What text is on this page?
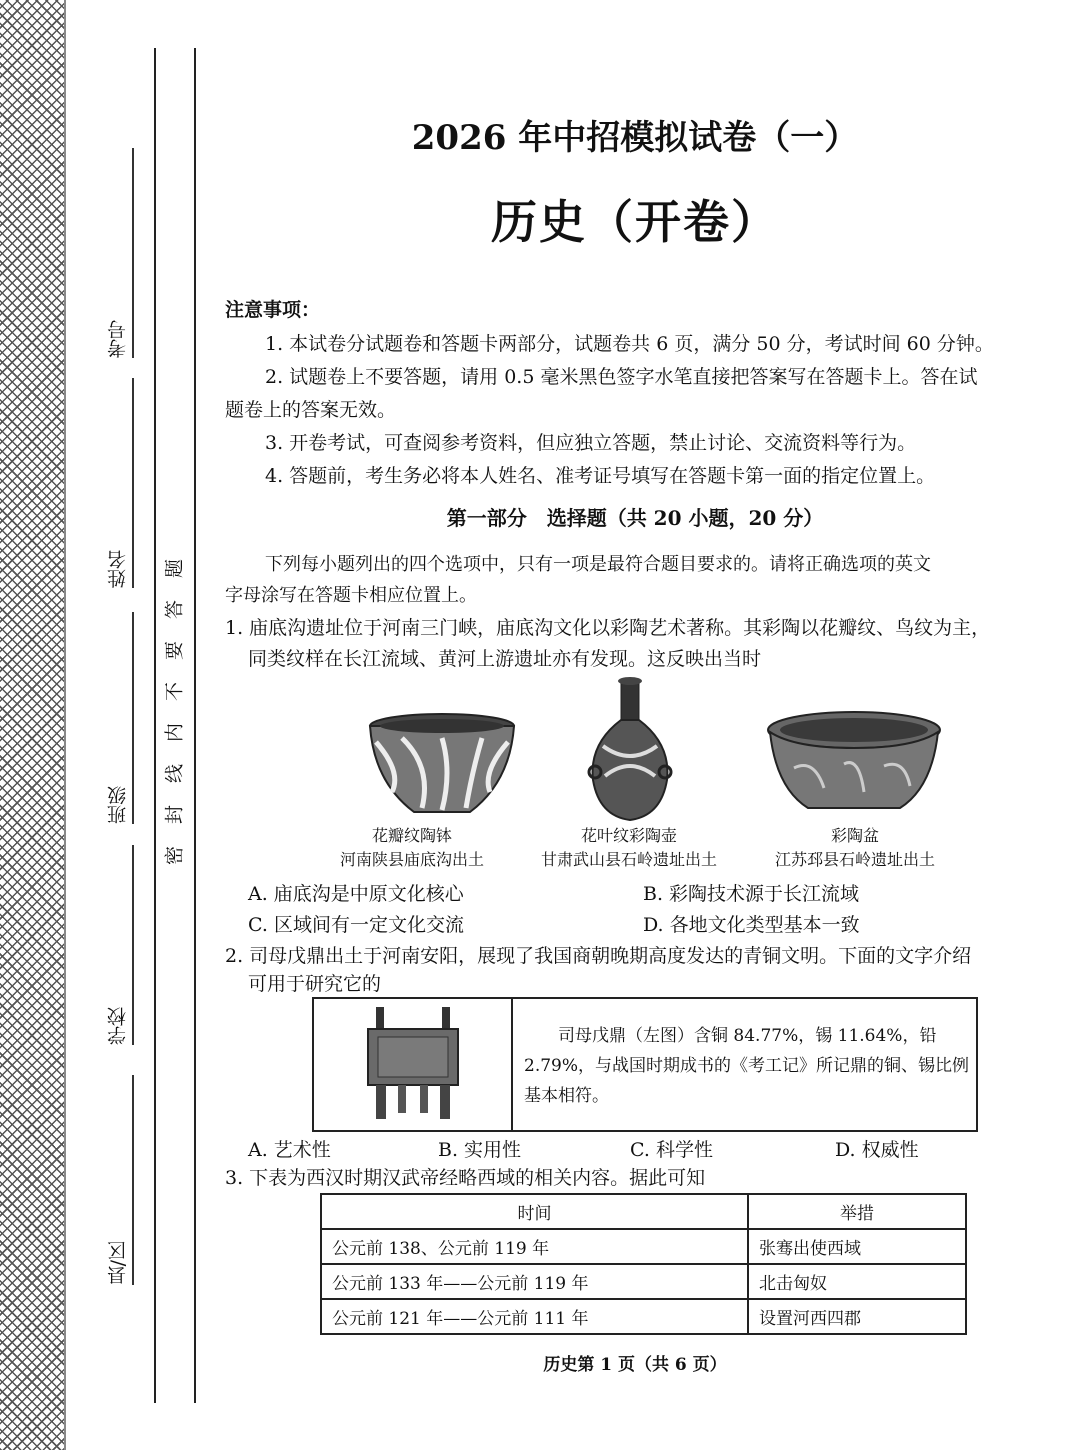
考号
姓名
班级
学校
县/区
题
答
要
不
内
线
封
密
2026 年中招模拟试卷（一）
历史（开卷）
注意事项：
1. 本试卷分试题卷和答题卡两部分，试题卷共 6 页，满分 50 分，考试时间 60 分钟。
2. 试题卷上不要答题，请用 0.5 毫米黑色签字水笔直接把答案写在答题卡上。答在试
题卷上的答案无效。
3. 开卷考试，可查阅参考资料，但应独立答题，禁止讨论、交流资料等行为。
4. 答题前，考生务必将本人姓名、准考证号填写在答题卡第一面的指定位置上。
第一部分　选择题（共 20 小题，20 分）
下列每小题列出的四个选项中，只有一项是最符合题目要求的。请将正确选项的英文
字母涂写在答题卡相应位置上。
1. 庙底沟遗址位于河南三门峡，庙底沟文化以彩陶艺术著称。其彩陶以花瓣纹、鸟纹为主，
同类纹样在长江流域、黄河上游遗址亦有发现。这反映出当时
花瓣纹陶钵
河南陕县庙底沟出土
花叶纹彩陶壶
甘肃武山县石岭遗址出土
彩陶盆
江苏邳县石岭遗址出土
A. 庙底沟是中原文化核心	B. 彩陶技术源于长江流域
C. 区域间有一定文化交流	D. 各地文化类型基本一致
2. 司母戊鼎出土于河南安阳，展现了我国商朝晚期高度发达的青铜文明。下面的文字介绍
可用于研究它的
　　司母戊鼎（左图）含铜 84.77%，锡 11.64%，铅 2.79%，与战国时期成书的《考工记》所记鼎的铜、锡比例基本相符。
A. 艺术性	B. 实用性	C. 科学性	D. 权威性
3. 下表为西汉时期汉武帝经略西域的相关内容。据此可知
时间	举措
公元前 138、公元前 119 年	张骞出使西域
公元前 133 年——公元前 119 年	北击匈奴
公元前 121 年——公元前 111 年	设置河西四郡
历史第 1 页（共 6 页）
